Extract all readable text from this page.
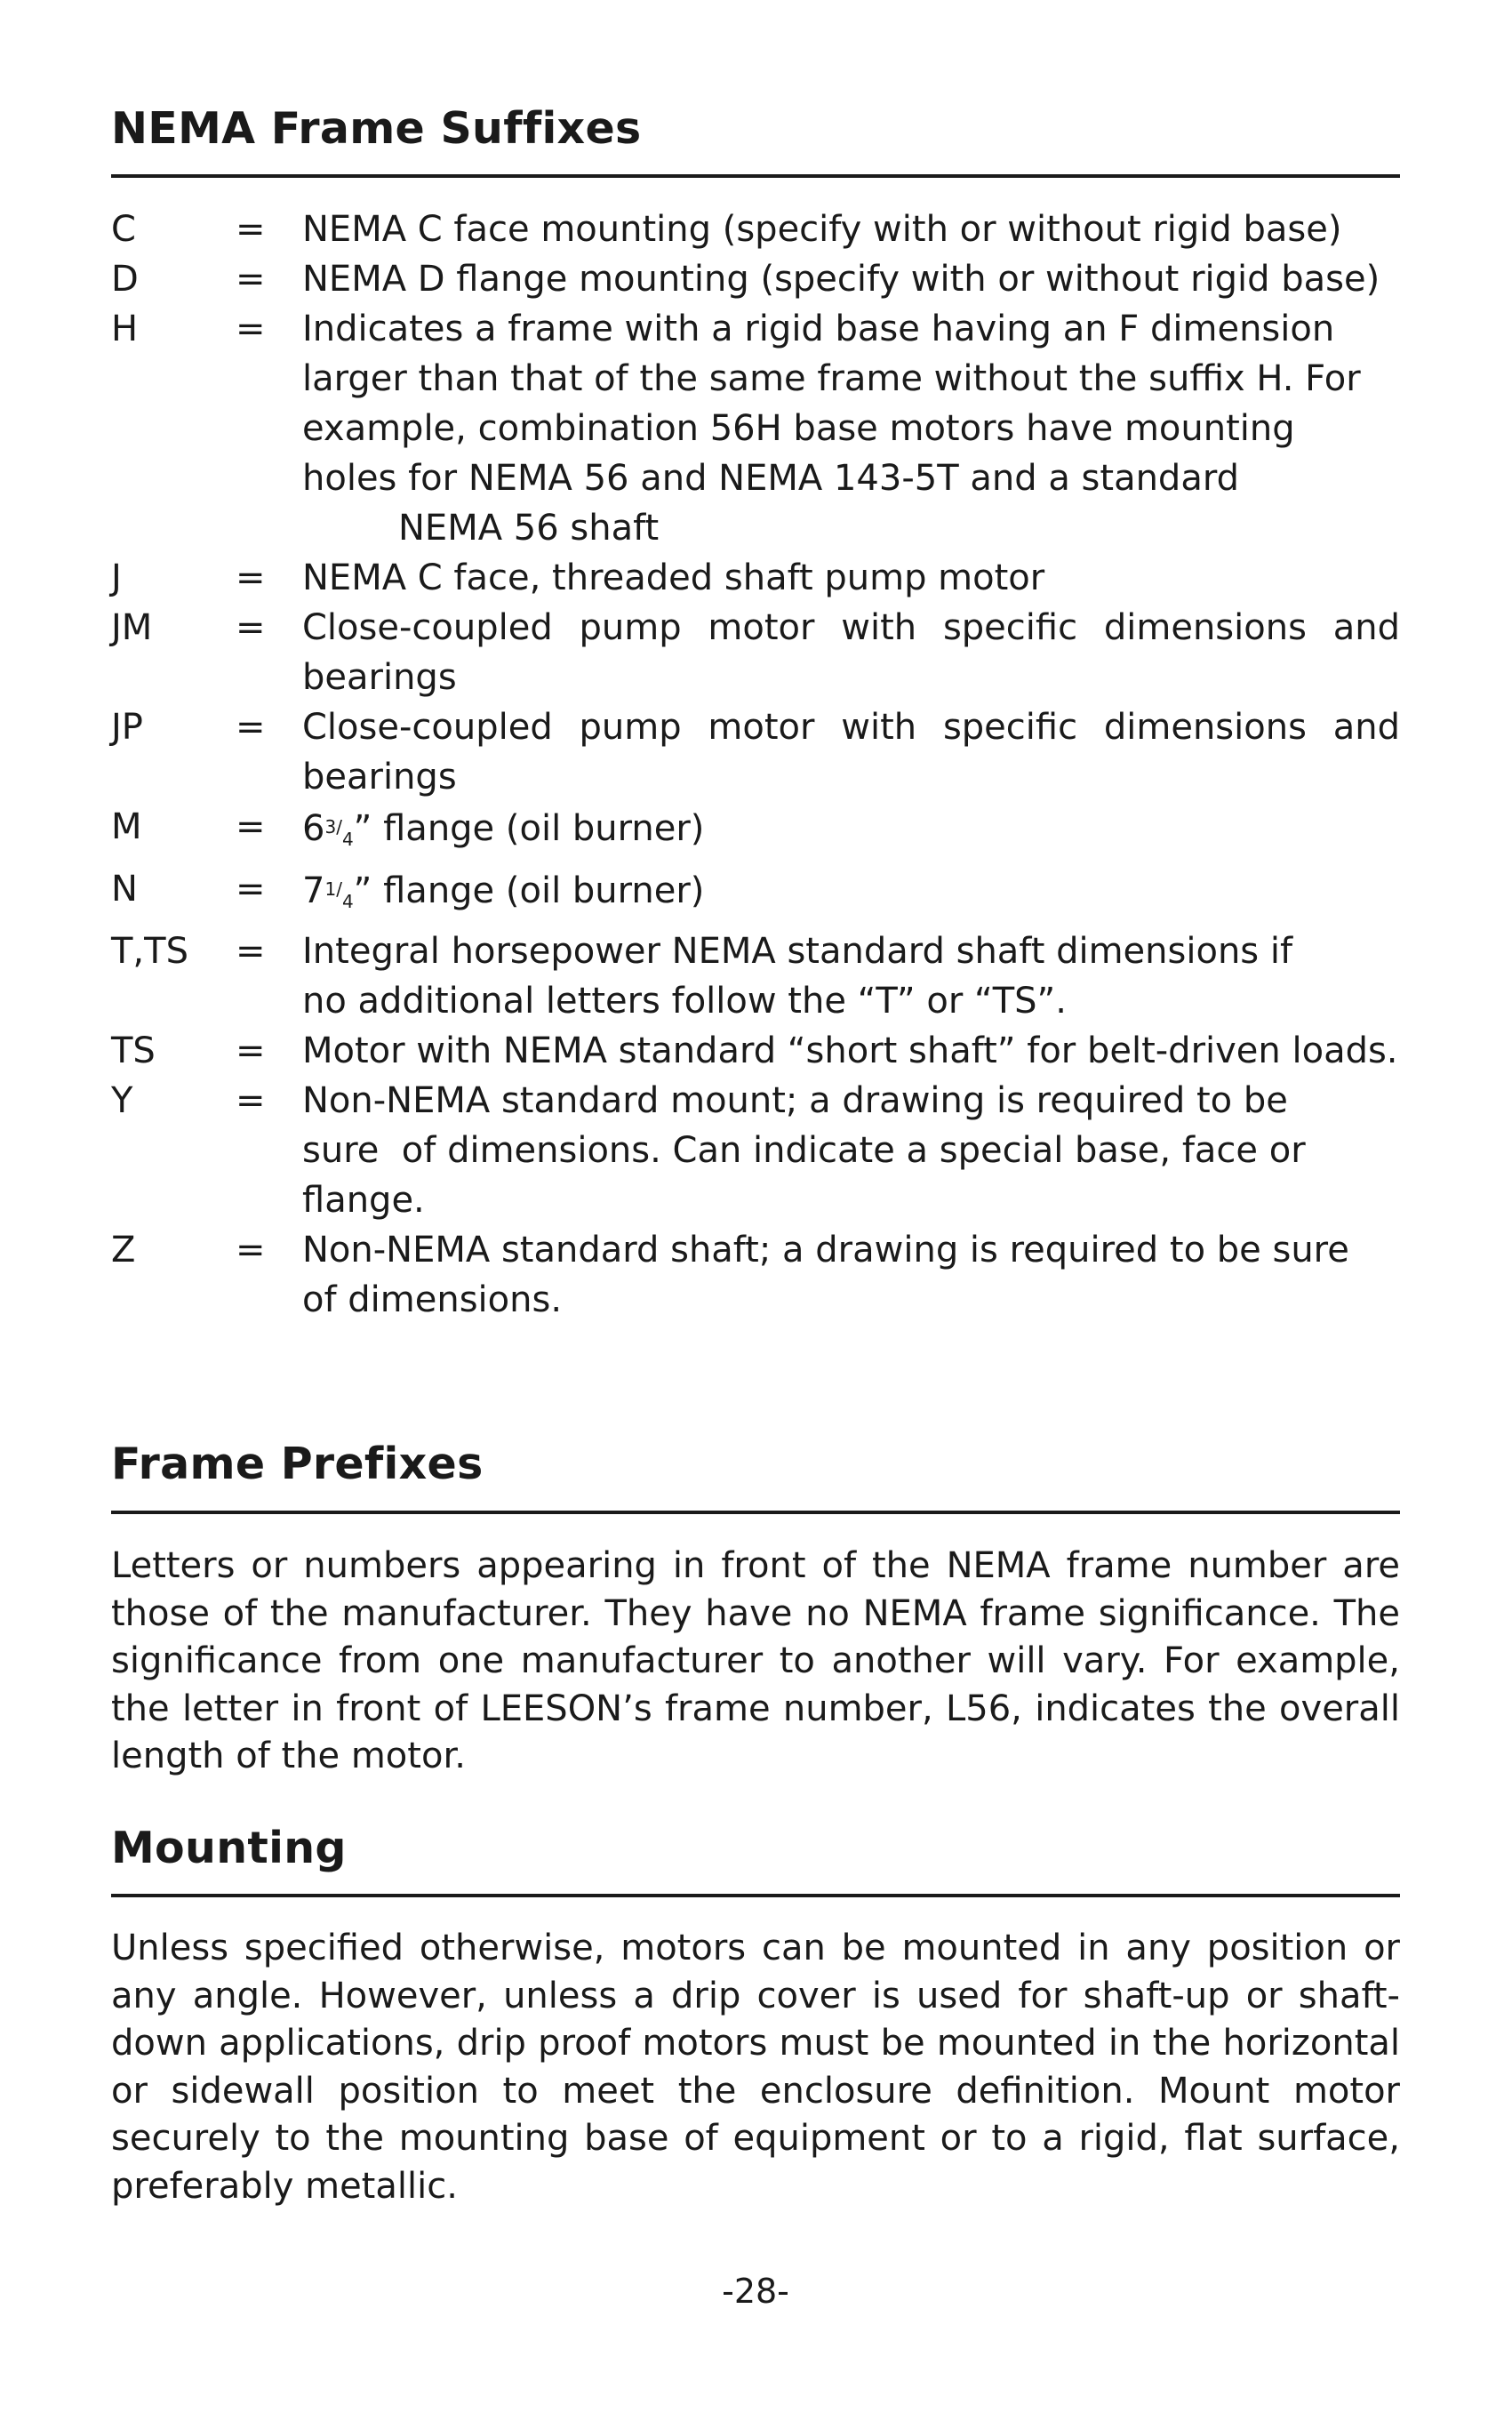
NEMA Frame Suffixes
C	=	NEMA C face mounting (specify with or without rigid base)
D	=	NEMA D flange mounting (specify with or without rigid base)
H	=	Indicates a frame with a rigid base having an F dimension larger than that of the same frame without the suffix H. For example, combination 56H base motors have mounting holes for NEMA 56 and NEMA 143-5T and a standard
NEMA 56 shaft
J	=	NEMA C face, threaded shaft pump motor
JM	=	Close-coupled pump motor with specific dimensions and bearings
JP	=	Close-coupled pump motor with specific dimensions and bearings
M	=	$6^{3/}4$” flange (oil burner)
N	=	$7^{1/}4$” flange (oil burner)
T,TS	=	Integral horsepower NEMA standard shaft dimensions if
no additional letters follow the “T” or “TS”.
TS	=	Motor with NEMA standard “short shaft” for belt-driven loads.
Y	=	Non-NEMA standard mount; a drawing is required to be
sure  of dimensions. Can indicate a special base, face or
flange.
Z	=	Non-NEMA standard shaft; a drawing is required to be sure
of dimensions.
Frame Prefixes

Letters or numbers appearing in front of the NEMA frame number are those of the manufacturer. They have no NEMA frame significance. The significance from one manufacturer to another will vary. For example, the letter in front of LEESON’s frame number, L56, indicates the overall length of the motor.

Mounting

Unless specified otherwise, motors can be mounted in any position or any angle. However, unless a drip cover is used for shaft-up or shaft-down applications, drip proof motors must be mounted in the horizontal or sidewall position to meet the enclosure definition. Mount motor securely to the mounting base of equipment or to a rigid, flat surface, preferably metallic.

-28-
